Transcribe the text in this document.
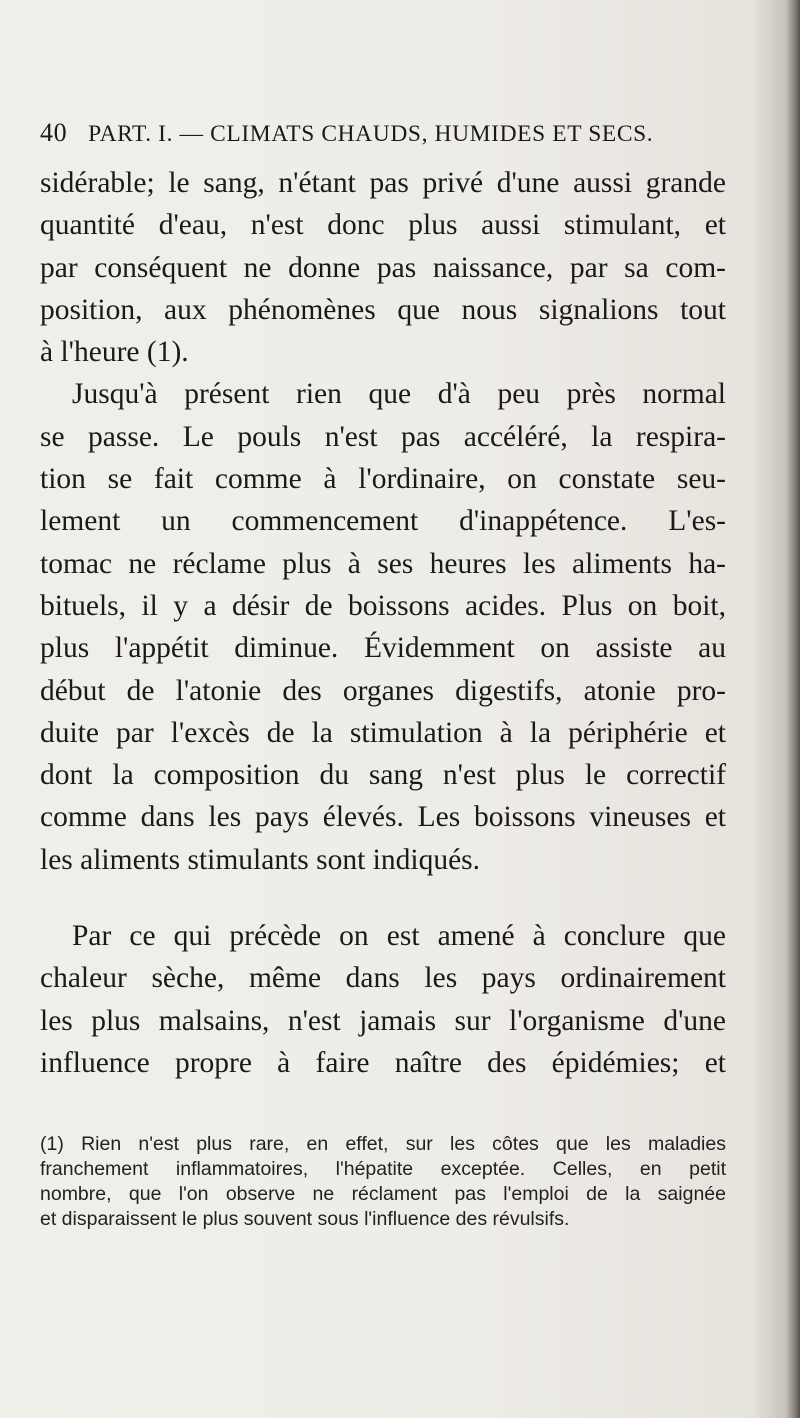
40 PART. I. — CLIMATS CHAUDS, HUMIDES ET SECS.
sidérable; le sang, n'étant pas privé d'une aussi grande
quantité d'eau, n'est donc plus aussi stimulant, et
par conséquent ne donne pas naissance, par sa com-
position, aux phénomènes que nous signalions tout
à l'heure (1).
Jusqu'à présent rien que d'à peu près normal
se passe. Le pouls n'est pas accéléré, la respira-
tion se fait comme à l'ordinaire, on constate seu-
lement un commencement d'inappétence. L'es-
tomac ne réclame plus à ses heures les aliments ha-
bituels, il y a désir de boissons acides. Plus on boit,
plus l'appétit diminue. Évidemment on assiste au
début de l'atonie des organes digestifs, atonie pro-
duite par l'excès de la stimulation à la périphérie et
dont la composition du sang n'est plus le correctif
comme dans les pays élevés. Les boissons vineuses et
les aliments stimulants sont indiqués.
Par ce qui précède on est amené à conclure que
chaleur sèche, même dans les pays ordinairement
les plus malsains, n'est jamais sur l'organisme d'une
influence propre à faire naître des épidémies; et
(1) Rien n'est plus rare, en effet, sur les côtes que les maladies
franchement inflammatoires, l'hépatite exceptée. Celles, en petit
nombre, que l'on observe ne réclament pas l'emploi de la saignée
et disparaissent le plus souvent sous l'influence des révulsifs.
